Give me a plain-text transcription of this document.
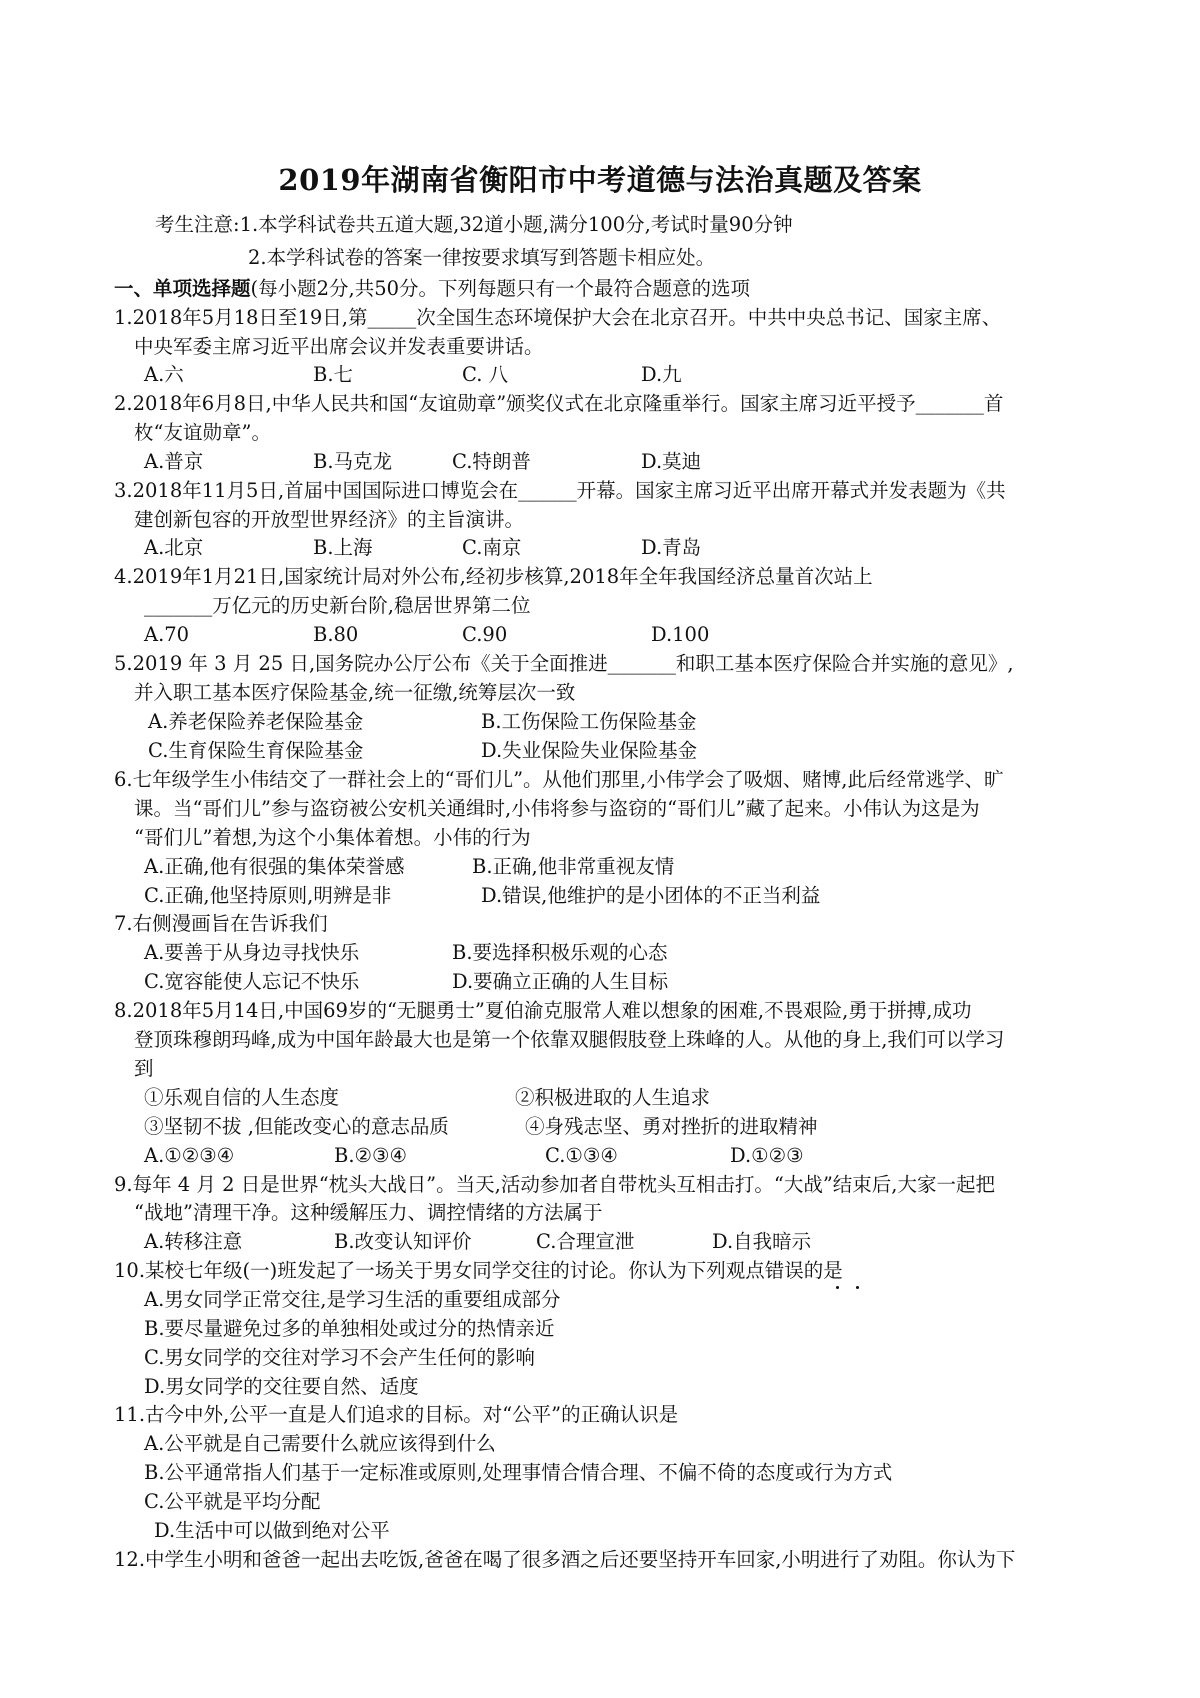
2019年湖南省衡阳市中考道德与法治真题及答案
考生注意:1.本学科试卷共五道大题,32道小题,满分100分,考试时量90分钟
2.本学科试卷的答案一律按要求填写到答题卡相应处。
一、单项选择题(每小题2分,共50分。下列每题只有一个最符合题意的选项
1.2018年5月18日至19日,第_____次全国生态环境保护大会在北京召开。中共中央总书记、国家主席、
中央军委主席习近平出席会议并发表重要讲话。
A.六	B.七	C. 八	D.九
2.2018年6月8日,中华人民共和国“友谊勋章”颁奖仪式在北京隆重举行。国家主席习近平授予_______首
枚“友谊勋章”。
A.普京	B.马克龙	C.特朗普	D.莫迪
3.2018年11月5日,首届中国国际进口博览会在______开幕。国家主席习近平出席开幕式并发表题为《共
建创新包容的开放型世界经济》的主旨演讲。
A.北京	B.上海	C.南京	D.青岛
4.2019年1月21日,国家统计局对外公布,经初步核算,2018年全年我国经济总量首次站上
_______万亿元的历史新台阶,稳居世界第二位
A.70	B.80	C.90	D.100
5.2019 年 3 月 25 日,国务院办公厅公布《关于全面推进_______和职工基本医疗保险合并实施的意见》,
并入职工基本医疗保险基金,统一征缴,统筹层次一致
A.养老保险养老保险基金	B.工伤保险工伤保险基金
C.生育保险生育保险基金	D.失业保险失业保险基金
6.七年级学生小伟结交了一群社会上的“哥们儿”。从他们那里,小伟学会了吸烟、赌博,此后经常逃学、旷
课。当“哥们儿”参与盗窃被公安机关通缉时,小伟将参与盗窃的“哥们儿”藏了起来。小伟认为这是为
“哥们儿”着想,为这个小集体着想。小伟的行为
A.正确,他有很强的集体荣誉感	B.正确,他非常重视友情
C.正确,他坚持原则,明辨是非	D.错误,他维护的是小团体的不正当利益
7.右侧漫画旨在告诉我们
A.要善于从身边寻找快乐	B.要选择积极乐观的心态
C.宽容能使人忘记不快乐	D.要确立正确的人生目标
8.2018年5月14日,中国69岁的“无腿勇士”夏伯渝克服常人难以想象的困难,不畏艰险,勇于拼搏,成功
登顶珠穆朗玛峰,成为中国年龄最大也是第一个依靠双腿假肢登上珠峰的人。从他的身上,我们可以学习
到
①乐观自信的人生态度	②积极进取的人生追求
③坚韧不拔 ,但能改变心的意志品质	④身残志坚、勇对挫折的进取精神
A.①②③④	B.②③④	C.①③④	D.①②③
9.每年 4 月 2 日是世界“枕头大战日”。当天,活动参加者自带枕头互相击打。“大战”结束后,大家一起把
“战地”清理干净。这种缓解压力、调控情绪的方法属于
A.转移注意	B.改变认知评价	C.合理宣泄	D.自我暗示
10.某校七年级(一)班发起了一场关于男女同学交往的讨论。你认为下列观点错误的是
A.男女同学正常交往,是学习生活的重要组成部分
B.要尽量避免过多的单独相处或过分的热情亲近
C.男女同学的交往对学习不会产生任何的影响
D.男女同学的交往要自然、适度
11.古今中外,公平一直是人们追求的目标。对“公平”的正确认识是
A.公平就是自己需要什么就应该得到什么
B.公平通常指人们基于一定标准或原则,处理事情合情合理、不偏不倚的态度或行为方式
C.公平就是平均分配
D.生活中可以做到绝对公平
12.中学生小明和爸爸一起出去吃饭,爸爸在喝了很多酒之后还要坚持开车回家,小明进行了劝阻。你认为下
